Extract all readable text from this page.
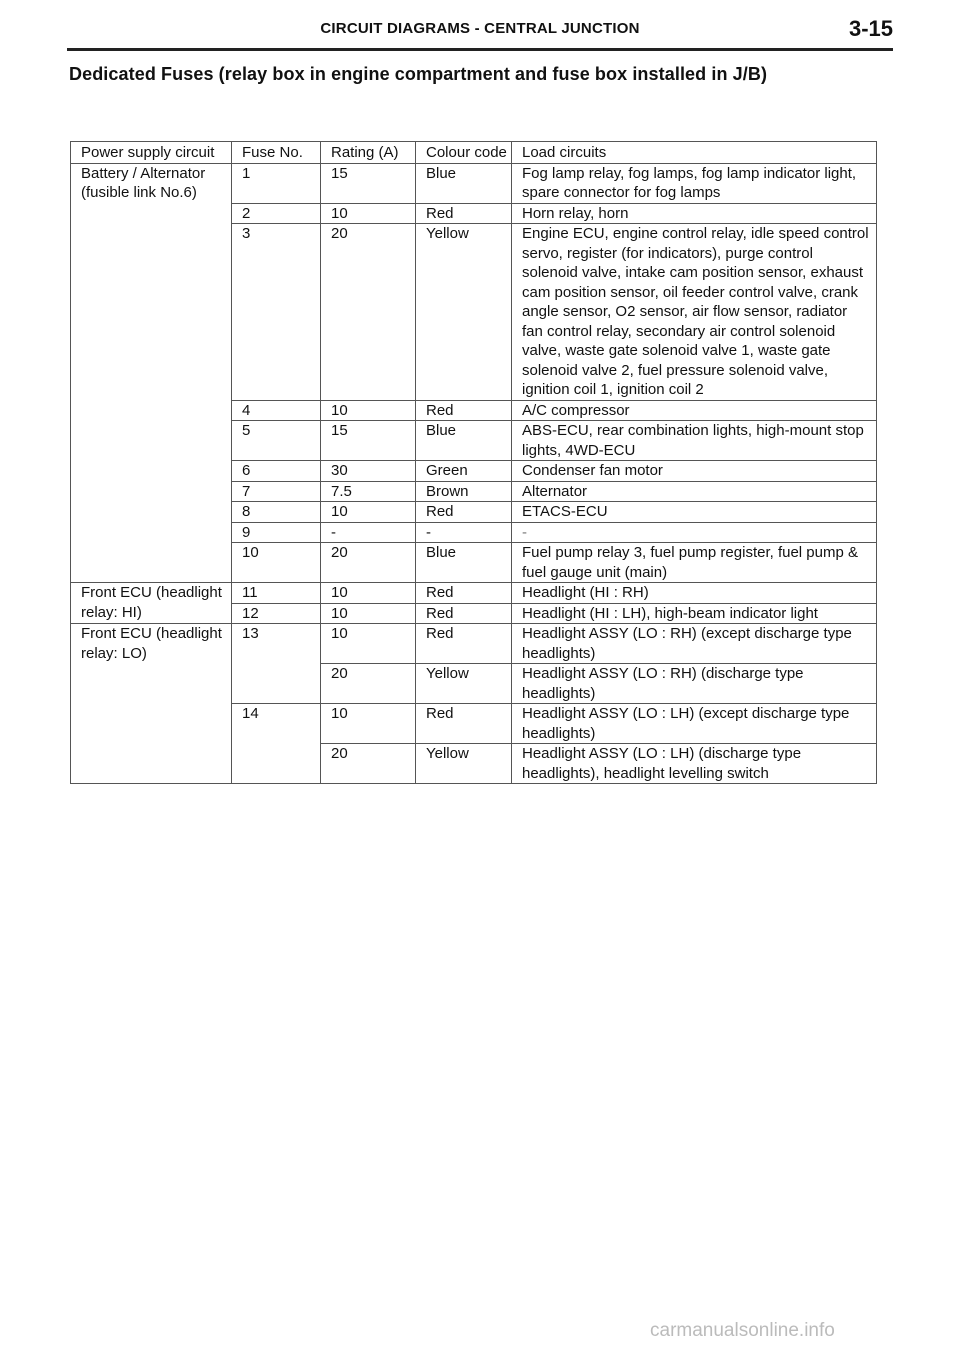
CIRCUIT DIAGRAMS - CENTRAL JUNCTION	3-15
Dedicated Fuses (relay box in engine compartment and fuse box installed in J/B)
Power supply circuit	Fuse No.	Rating (A)	Colour code	Load circuits
Battery / Alternator (fusible link No.6)	1	15	Blue	Fog lamp relay, fog lamps, fog lamp indicator light, spare connector for fog lamps
	2	10	Red	Horn relay, horn
	3	20	Yellow	Engine ECU, engine control relay, idle speed control servo, register (for indicators), purge control solenoid valve, intake cam position sensor, exhaust cam position sensor, oil feeder control valve, crank angle sensor, O2 sensor, air flow sensor, radiator fan control relay, secondary air control solenoid valve, waste gate solenoid valve 1, waste gate solenoid valve 2, fuel pressure solenoid valve, ignition coil 1, ignition coil 2
	4	10	Red	A/C compressor
	5	15	Blue	ABS-ECU, rear combination lights, high-mount stop lights, 4WD-ECU
	6	30	Green	Condenser fan motor
	7	7.5	Brown	Alternator
	8	10	Red	ETACS-ECU
	9	-	-	-
	10	20	Blue	Fuel pump relay 3, fuel pump register, fuel pump & fuel gauge unit (main)
Front ECU (headlight relay: HI)	11	10	Red	Headlight (HI : RH)
	12	10	Red	Headlight (HI : LH), high-beam indicator light
Front ECU (headlight relay: LO)	13	10	Red	Headlight ASSY (LO : RH) (except discharge type headlights)
		20	Yellow	Headlight ASSY (LO : RH) (discharge type headlights)
	14	10	Red	Headlight ASSY (LO : LH) (except discharge type headlights)
		20	Yellow	Headlight ASSY (LO : LH) (discharge type headlights), headlight levelling switch
carmanualsonline.info
